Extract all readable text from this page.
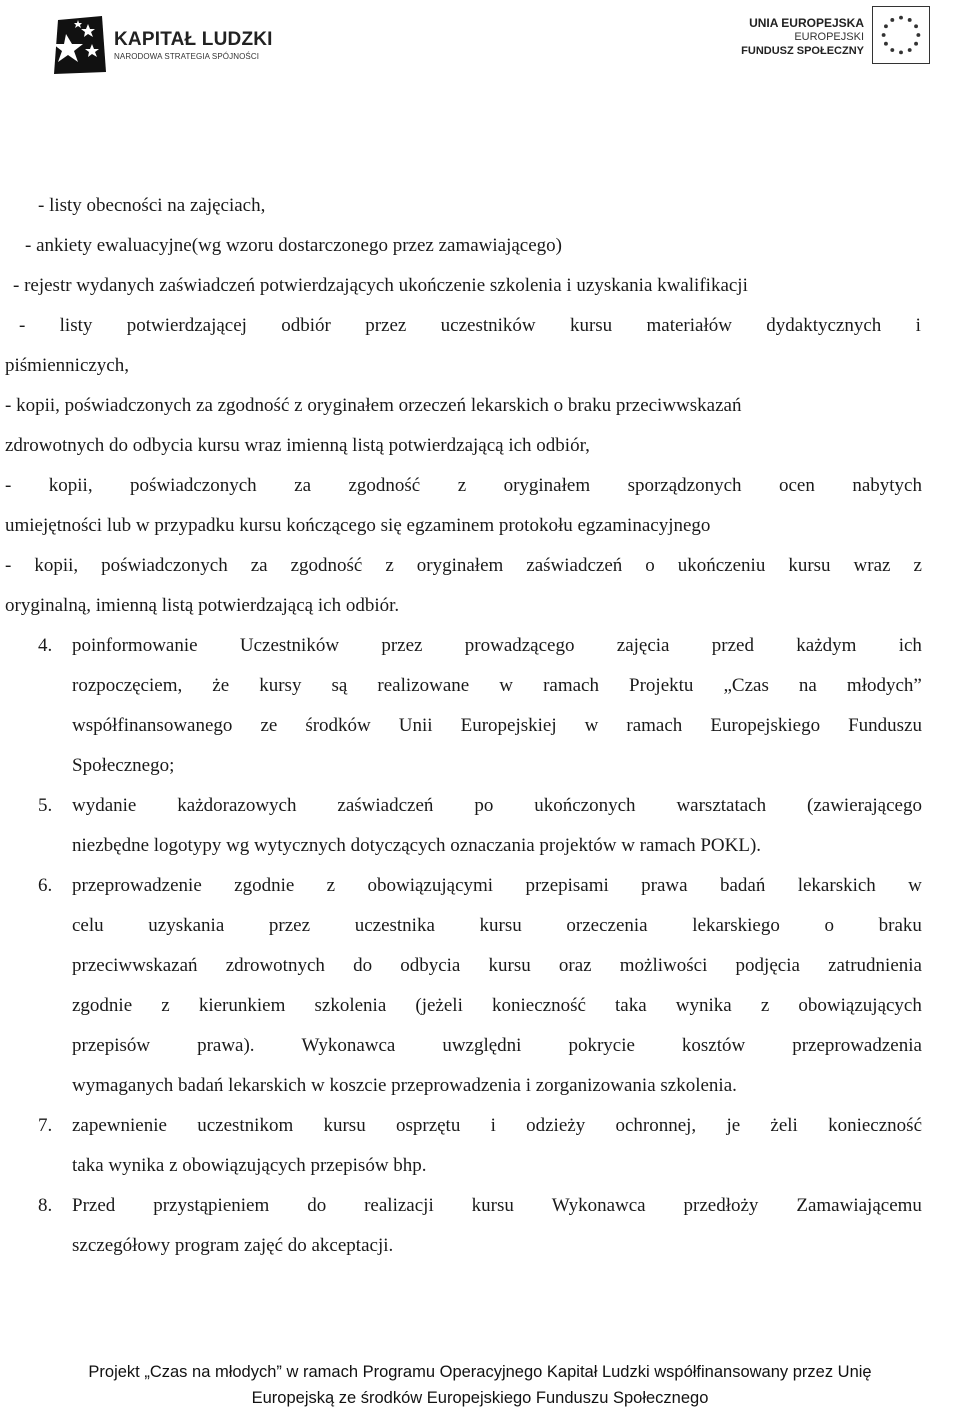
KAPITAŁ LUDZKI
NARODOWA STRATEGIA SPÓJNOŚCI
UNIA EUROPEJSKA
EUROPEJSKI
FUNDUSZ SPOŁECZNY
- listy obecności na zajęciach,
- ankiety ewaluacyjne(wg wzoru dostarczonego przez zamawiającego)
- rejestr wydanych zaświadczeń potwierdzających ukończenie szkolenia i uzyskania kwalifikacji
- listy potwierdzającej odbiór przez uczestników kursu materiałów dydaktycznych i
piśmienniczych,
- kopii, poświadczonych za zgodność z oryginałem orzeczeń lekarskich o braku przeciwwskazań
zdrowotnych do odbycia kursu wraz imienną listą potwierdzającą ich odbiór,
- kopii, poświadczonych za zgodność z oryginałem sporządzonych ocen nabytych
umiejętności lub w przypadku kursu kończącego się egzaminem protokołu egzaminacyjnego
- kopii, poświadczonych za zgodność z oryginałem zaświadczeń o ukończeniu kursu wraz z
oryginalną, imienną listą potwierdzającą ich odbiór.
4. poinformowanie Uczestników przez prowadzącego zajęcia przed każdym ich
rozpoczęciem, że kursy są realizowane w ramach Projektu „Czas na młodych”
współfinansowanego ze środków Unii Europejskiej w ramach Europejskiego Funduszu
Społecznego;
5. wydanie każdorazowych zaświadczeń po ukończonych warsztatach (zawierającego
niezbędne logotypy wg wytycznych dotyczących oznaczania projektów w ramach POKL).
6. przeprowadzenie zgodnie z obowiązującymi przepisami prawa badań lekarskich w
celu uzyskania przez uczestnika kursu orzeczenia lekarskiego o braku
przeciwwskazań zdrowotnych do odbycia kursu oraz możliwości podjęcia zatrudnienia
zgodnie z kierunkiem szkolenia (jeżeli konieczność taka wynika z obowiązujących
przepisów prawa). Wykonawca uwzględni pokrycie kosztów przeprowadzenia
wymaganych badań lekarskich w koszcie przeprowadzenia i zorganizowania szkolenia.
7. zapewnienie uczestnikom kursu osprzętu i odzieży ochronnej, je żeli konieczność
taka wynika z obowiązujących przepisów bhp.
8. Przed przystąpieniem do realizacji kursu Wykonawca przedłoży Zamawiającemu
szczegółowy program zajęć do akceptacji.
Projekt „Czas na młodych” w ramach Programu Operacyjnego Kapitał Ludzki współfinansowany przez Unię
Europejską ze środków Europejskiego Funduszu Społecznego
